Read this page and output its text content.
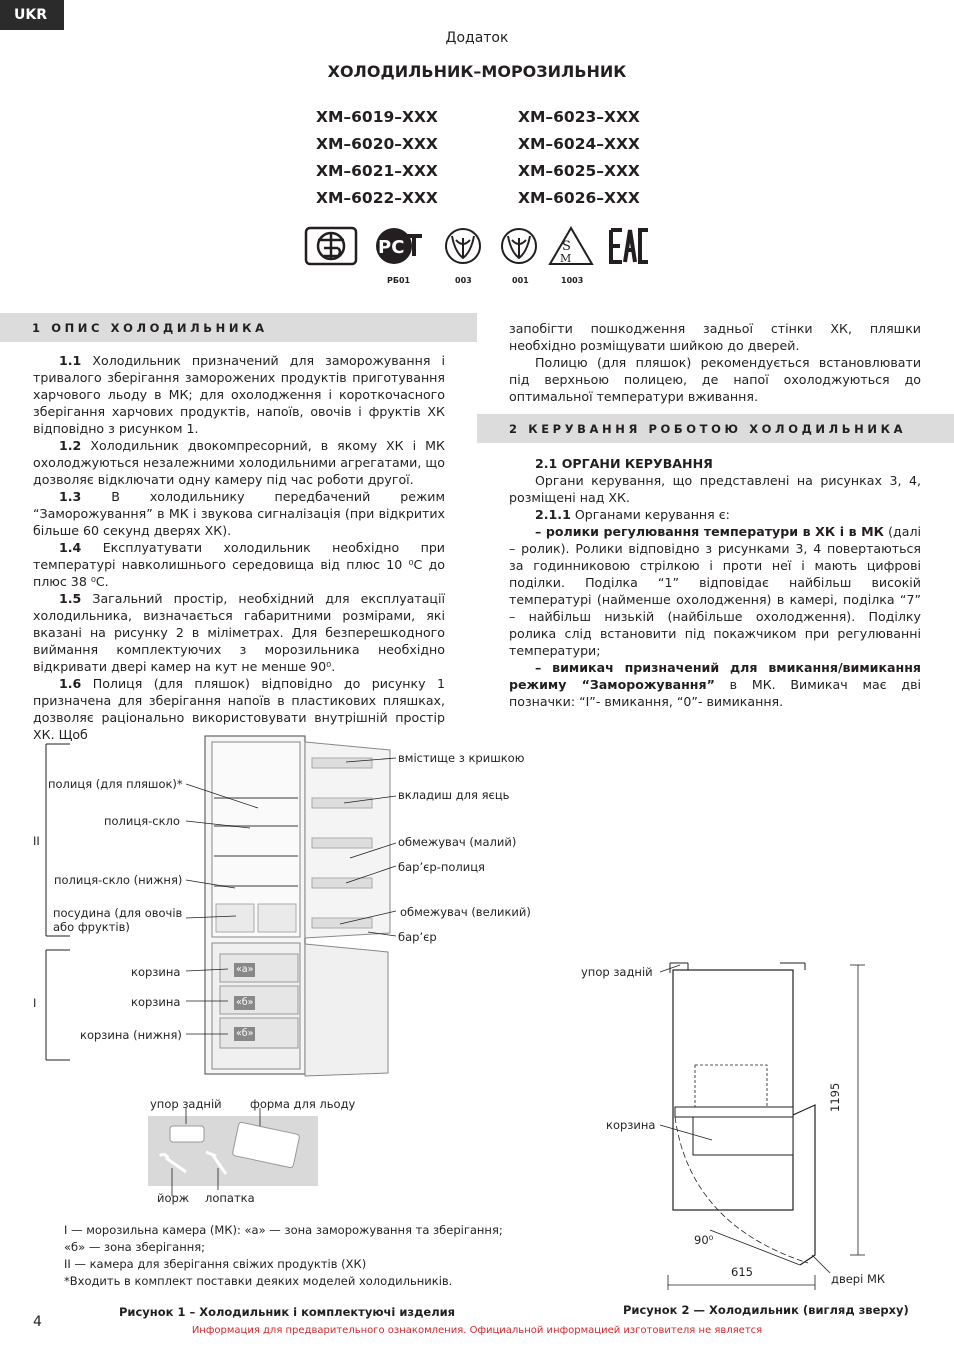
UKR
Додаток
ХОЛОДИЛЬНИК–МОРОЗИЛЬНИК
ХМ–6019–ХХХ
ХМ–6020–ХХХ
ХМ–6021–ХХХ
ХМ–6022–ХХХ
ХМ–6023–ХХХ
ХМ–6024–ХХХ
ХМ–6025–ХХХ
ХМ–6026–ХХХ
РС	S
M
РБ01	003	001	1003
1 ОПИС ХОЛОДИЛЬНИКА

1.1 Холодильник призначений для заморожування і тривалого зберігання заморожених продуктів приготування харчового льоду в МК; для охолодження і короткочасного зберігання харчових продуктів, напоїв, овочів і фруктів ХК відповідно з рисунком 1.

1.2 Холодильник двокомпресорний, в якому ХК і МК охолоджуються незалежними холодильними агрегатами, що дозволяє відключати одну камеру під час роботи другої.

1.3 В холодильнику передбачений режим “Заморожування” в МК і звукова сигналізація (при відкритих більше 60 секунд дверях ХК).

1.4 Експлуатувати холодильник необхідно при температурі навколишнього середовища від плюс 10 ⁰С до плюс 38 ⁰С.

1.5 Загальний простір, необхідний для експлуатації холодильника, визначається габаритними розмірами, які вказані на рисунку 2 в міліметрах. Для безперешкодного виймання комплектуючих з морозильника необхідно відкривати двері камер на кут не менше 90⁰.

1.6 Полиця (для пляшок) відповідно до рисунку 1 призначена для зберігання напоїв в пластикових пляшках, дозволяє раціонально використовувати внутрішній простір ХК. Щоб

запобігти пошкодження задньої стінки ХК, пляшки необхідно розміщувати шийкою до дверей.

Полицю (для пляшок) рекомендується встановлювати під верхньою полицею, де напої охолоджуються до оптимальної температури вживання.

2 КЕРУВАННЯ РОБОТОЮ ХОЛОДИЛЬНИКА

2.1 ОРГАНИ КЕРУВАННЯ

Органи керування, що представлені на рисунках 3, 4, розміщені над ХК.

2.1.1 Органами керування є:

– ролики регулювання температури в ХК і в МК (далі – ролик). Ролики відповідно з рисунками 3, 4 повертаються за годинниковою стрілкою і проти неї і мають цифрові поділки. Поділка “1” відповідає найбільш високій температурі (найменше охолодження) в камері, поділка “7” – найбільш низькій (найбільше охолодження). Поділку ролика слід встановити під покажчиком при регулюванні температури;

– вимикач призначений для вмикання/вимикання режиму “Заморожування” в МК. Вимикач має дві позначки: “I”- вмикання, “0”- вимикання.

II
I
полиця (для пляшок)*
полиця-скло
полиця-скло (нижня)
посудина (для овочів
або фруктів)
корзина
корзина
корзина (нижня)
«а»
«б»
«б»
вмістище з кришкою
вкладиш для яєць
обмежувач (малий)
бар’єр-полиця
обмежувач (великий)
бар’єр
упор задній форма для льоду
йорж лопатка
I — морозильна камера (МК): «а» — зона заморожування та зберігання;
«б» — зона зберігання;
II — камера для зберігання свіжих продуктів (ХК)
*Входить в комплект поставки деяких моделей холодильників.
Рисунок 1 – Холодильник і комплектуючі изделия
упор задній
корзина
двері МК
90⁰
615
1195
Рисунок 2 — Холодильник (вигляд зверху)
4
Информация для предварительного ознакомления. Официальной информацией изготовителя не является
